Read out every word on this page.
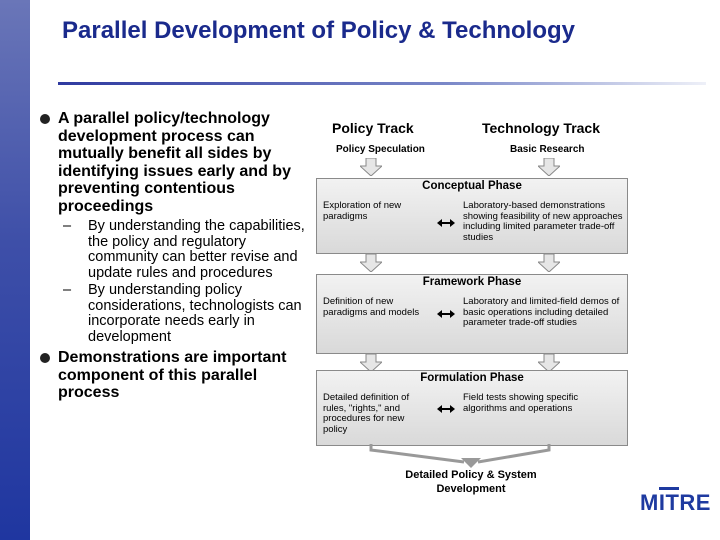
Parallel Development of Policy & Technology
A parallel policy/technology development process can mutually benefit all sides by identifying issues early and by preventing contentious proceedings
– By understanding the capabilities, the policy and regulatory community can better revise and update rules and procedures
– By understanding policy considerations, technologists can incorporate needs early in development
Demonstrations are important component of this parallel process
Policy Track	Technology Track
Policy Speculation	Basic Research
Conceptual Phase
Exploration of new paradigms
Laboratory-based demonstrations showing feasibility of new approaches including limited parameter trade-off studies
Framework Phase
Definition of new paradigms and models
Laboratory and limited-field demos of basic operations including detailed parameter trade-off studies
Formulation Phase
Detailed definition of rules, "rights," and procedures for new policy
Field tests showing specific algorithms and operations
Detailed Policy & System Development
MITRE
